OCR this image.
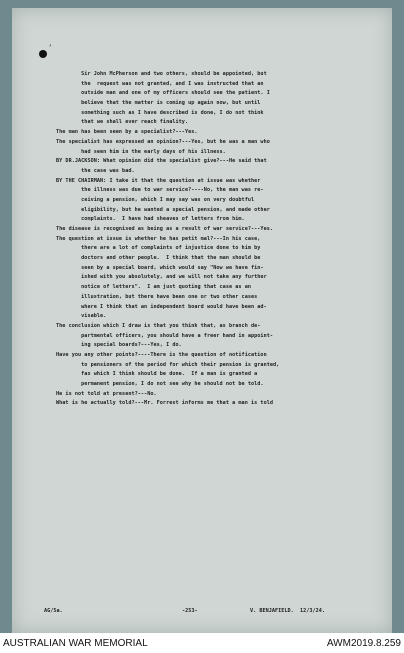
’
Sir John McPherson and two others, should be appointed, but
the  request was not granted, and I was instructed that an
outside man and one of my officers should see the patient. I
believe that the matter is coming up again now, but until
something such as I have described is done, I do not think
that we shall ever reach finality.
The man has been seen by a specialist?---Yes.
The specialist has expressed an opinion?---Yes, but he was a man who
had seen him in the early days of his illness.
BY DR.JACKSON: What opinion did the specialist give?---He said that
the case was bad.
BY THE CHAIRMAN: I take it that the question at issue was whether
the illness was due to war service?----No, the man was re-
ceiving a pension, which I may say was on very doubtful
eligibility, but he wanted a special pension, and made other
complaints.  I have had sheaves of letters from him.
The disease is recognised as being as a result of war service?---Yes.
The question at issue is whether he has petit mal?---In his case,
there are a lot of complaints of injustice done to him by
doctors and other people.  I think that the man should be
seen by a special board, which would say "Now we have fin-
ished with you absolutely, and we will not take any further
notice of letters".  I am just quoting that case as an
illustration, but there have been one or two other cases
where I think that an independent board would have been ad-
visable.
The conclusion which I draw is that you think that, as branch de-
partmental officers, you should have a freer hand in appoint-
ing special boards?---Yes, I do.
Have you any other points?----There is the question of notification
to pensioners of the period for which their pension is granted,
fax which I think should be done.  If a man is granted a
permanent pension, I do not see why he should not be told.
He is not told at present?---No.
What is he actually told?---Mr. Forrest informs me that a man is told
AG/5a.	-253-	V. BENJAFIELD.  12/3/24.
AUSTRALIAN WAR MEMORIAL	AWM2019.8.259
